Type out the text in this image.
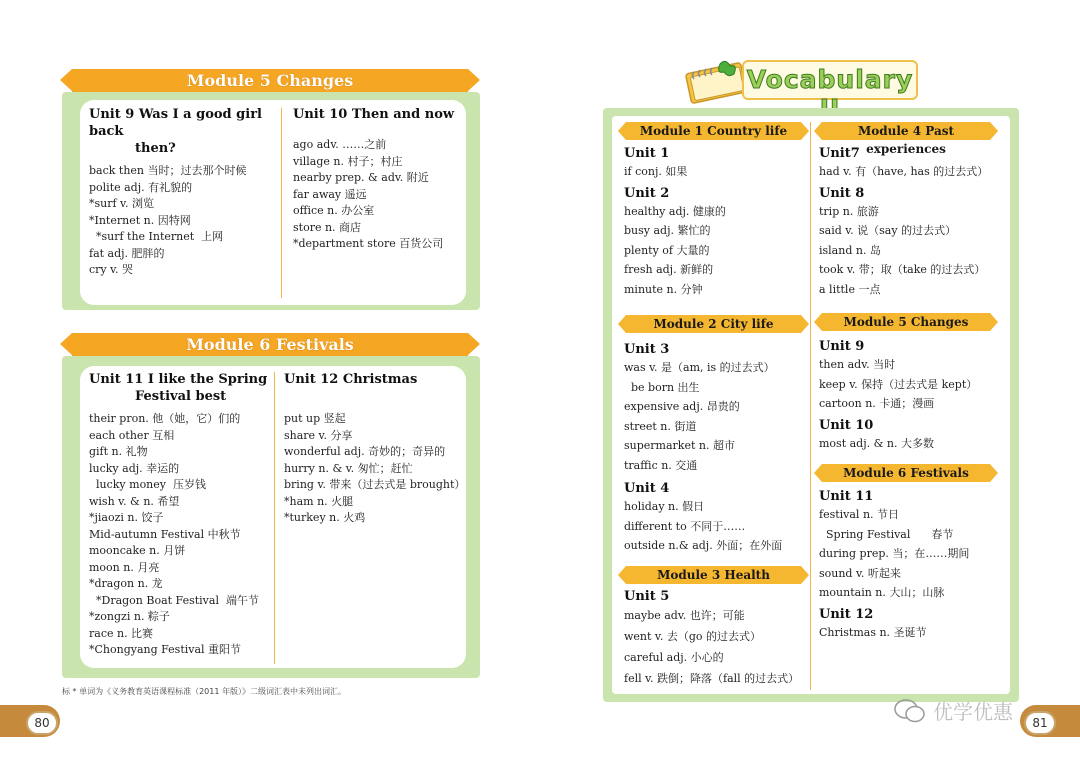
Module 5 Changes
Unit 9 Was I a good girl back
then?
back then 当时；过去那个时候
polite adj. 有礼貌的
*surf v. 浏览
*Internet n. 因特网
*surf the Internet  上网
fat adj. 肥胖的
cry v. 哭
Unit 10 Then and now
ago adv. ……之前
village n. 村子；村庄
nearby prep. & adv. 附近
far away 遥远
office n. 办公室
store n. 商店
*department store 百货公司
Module 6 Festivals
Unit 11 I like the Spring
Festival best
their pron. 他（她，它）们的
each other 互相
gift n. 礼物
lucky adj. 幸运的
lucky money  压岁钱
wish v. & n. 希望
*jiaozi n. 饺子
Mid-autumn Festival 中秋节
mooncake n. 月饼
moon n. 月亮
*dragon n. 龙
*Dragon Boat Festival  端午节
*zongzi n. 粽子
race n. 比赛
*Chongyang Festival 重阳节
Unit 12 Christmas
put up 竖起
share v. 分享
wonderful adj. 奇妙的；奇异的
hurry n. & v. 匆忙；赶忙
bring v. 带来（过去式是 brought）
*ham n. 火腿
*turkey n. 火鸡
标 * 单词为《义务教育英语课程标准（2011 年版）》二级词汇表中未列出词汇。
80
Vocabulary
Module 1 Country life
Unit 1
if conj. 如果
Unit 2
healthy adj. 健康的
busy adj. 繁忙的
plenty of 大量的
fresh adj. 新鲜的
minute n. 分钟
Module 2 City life
Unit 3
was v. 是（am, is 的过去式）
be born 出生
expensive adj. 昂贵的
street n. 街道
supermarket n. 超市
traffic n. 交通
Unit 4
holiday n. 假日
different to 不同于……
outside n.& adj. 外面；在外面
Module 3 Health
Unit 5
maybe adv. 也许；可能
went v. 去（go 的过去式）
careful adj. 小心的
fell v. 跌倒；降落（fall 的过去式）
Module 4 Past experiences
Unit7
had v. 有（have, has 的过去式）
Unit 8
trip n. 旅游
said v. 说（say 的过去式）
island n. 岛
took v. 带；取（take 的过去式）
a little 一点
Module 5 Changes
Unit 9
then adv. 当时
keep v. 保持（过去式是 kept）
cartoon n. 卡通；漫画
Unit 10
most adj. & n. 大多数
Module 6 Festivals
Unit 11
festival n. 节日
Spring Festival      春节
during prep. 当；在……期间
sound v. 听起来
mountain n. 大山；山脉
Unit 12
Christmas n. 圣诞节
优学优惠	81
